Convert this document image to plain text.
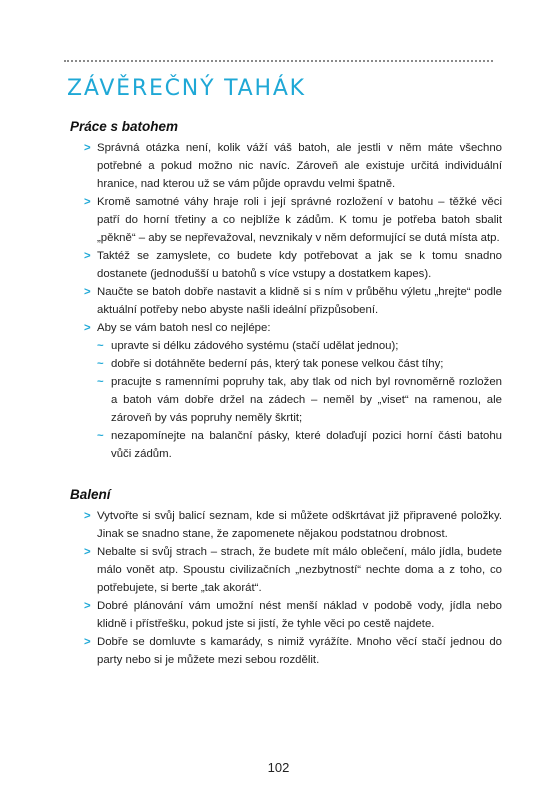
ZÁVĚREČNÝ TAHÁK
Práce s batohem
> Správná otázka není, kolik váží váš batoh, ale jestli v něm máte všechno potřebné a pokud možno nic navíc. Zároveň ale existuje určitá individuální hranice, nad kterou už se vám půjde opravdu velmi špatně.
> Kromě samotné váhy hraje roli i její správné rozložení v batohu – těžké věci patří do horní třetiny a co nejblíže k zádům. K tomu je potřeba batoh sbalit „pěkně“ – aby se nepřevažoval, nevznikaly v něm deformující se dutá místa atp.
> Taktéž se zamyslete, co budete kdy potřebovat a jak se k tomu snadno dostanete (jednodušší u batohů s více vstupy a dostatkem kapes).
> Naučte se batoh dobře nastavit a klidně si s ním v průběhu výletu „hrejte“ podle aktuální potřeby nebo abyste našli ideální přizpůsobení.
> Aby se vám batoh nesl co nejlépe:
~ upravte si délku zádového systému (stačí udělat jednou);
~ dobře si dotáhněte bederní pás, který tak ponese velkou část tíhy;
~ pracujte s ramenními popruhy tak, aby tlak od nich byl rovnoměrně rozložen a batoh vám dobře držel na zádech – neměl by „viset“ na ramenou, ale zároveň by vás popruhy neměly škrtit;
~ nezapomínejte na balanční pásky, které dolaďují pozici horní části batohu vůči zádům.
Balení
> Vytvořte si svůj balicí seznam, kde si můžete odškrtávat již připravené položky. Jinak se snadno stane, že zapomenete nějakou podstatnou drobnost.
> Nebalte si svůj strach – strach, že budete mít málo oblečení, málo jídla, budete málo vonět atp. Spoustu civilizačních „nezbytností“ nechte doma a z toho, co potřebujete, si berte „tak akorát“.
> Dobré plánování vám umožní nést menší náklad v podobě vody, jídla nebo klidně i přístřešku, pokud jste si jistí, že tyhle věci po cestě najdete.
> Dobře se domluvte s kamarády, s nimiž vyrážíte. Mnoho věcí stačí jednou do party nebo si je můžete mezi sebou rozdělit.
102
